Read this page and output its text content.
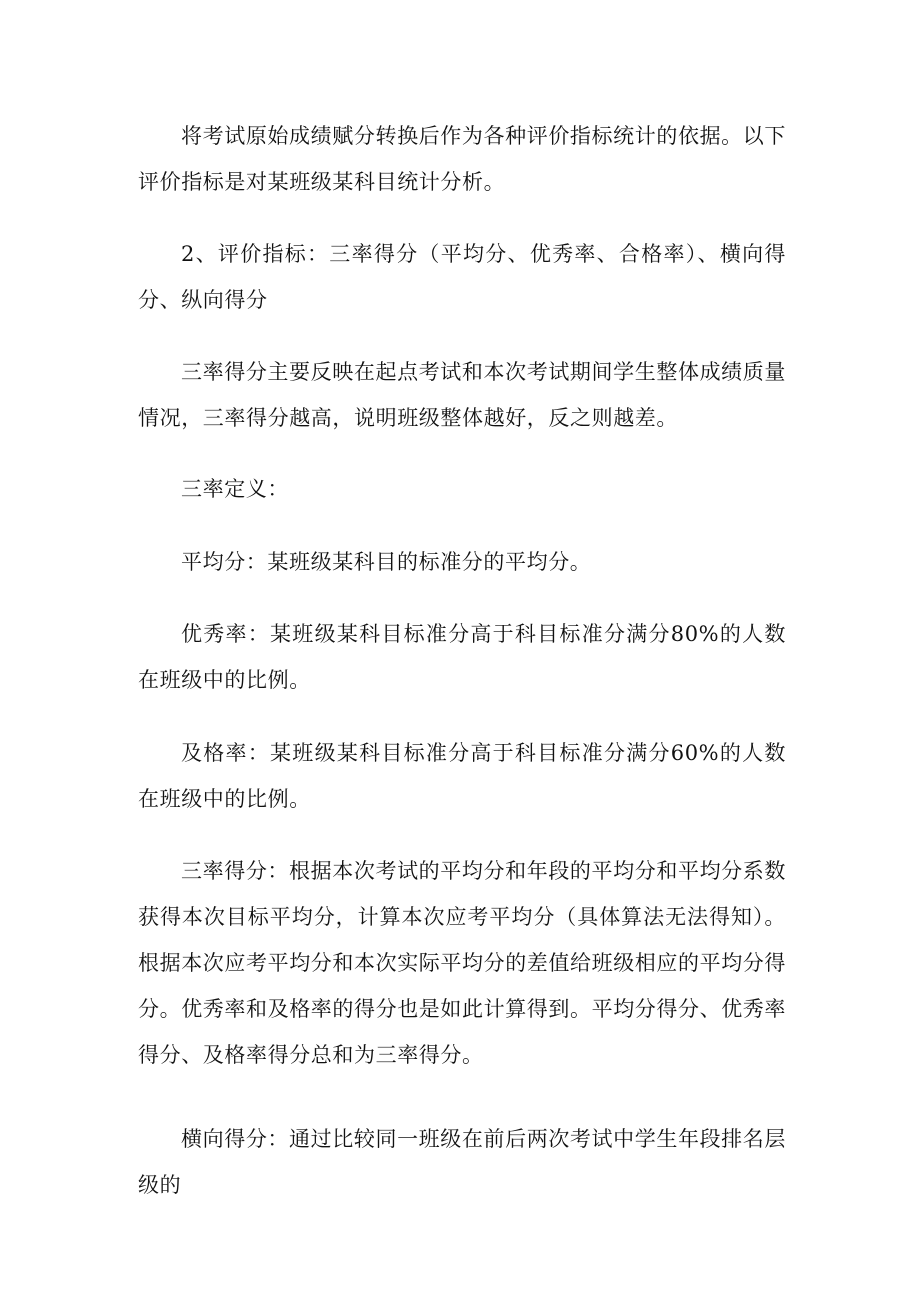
将考试原始成绩赋分转换后作为各种评价指标统计的依据。以下评价指标是对某班级某科目统计分析。

2、评价指标：三率得分（平均分、优秀率、合格率）、横向得分、纵向得分

三率得分主要反映在起点考试和本次考试期间学生整体成绩质量情况，三率得分越高，说明班级整体越好，反之则越差。

三率定义：

平均分：某班级某科目的标准分的平均分。

优秀率：某班级某科目标准分高于科目标准分满分80%的人数在班级中的比例。

及格率：某班级某科目标准分高于科目标准分满分60%的人数在班级中的比例。

三率得分：根据本次考试的平均分和年段的平均分和平均分系数获得本次目标平均分，计算本次应考平均分（具体算法无法得知）。根据本次应考平均分和本次实际平均分的差值给班级相应的平均分得分。优秀率和及格率的得分也是如此计算得到。平均分得分、优秀率得分、及格率得分总和为三率得分。

横向得分：通过比较同一班级在前后两次考试中学生年段排名层级的
